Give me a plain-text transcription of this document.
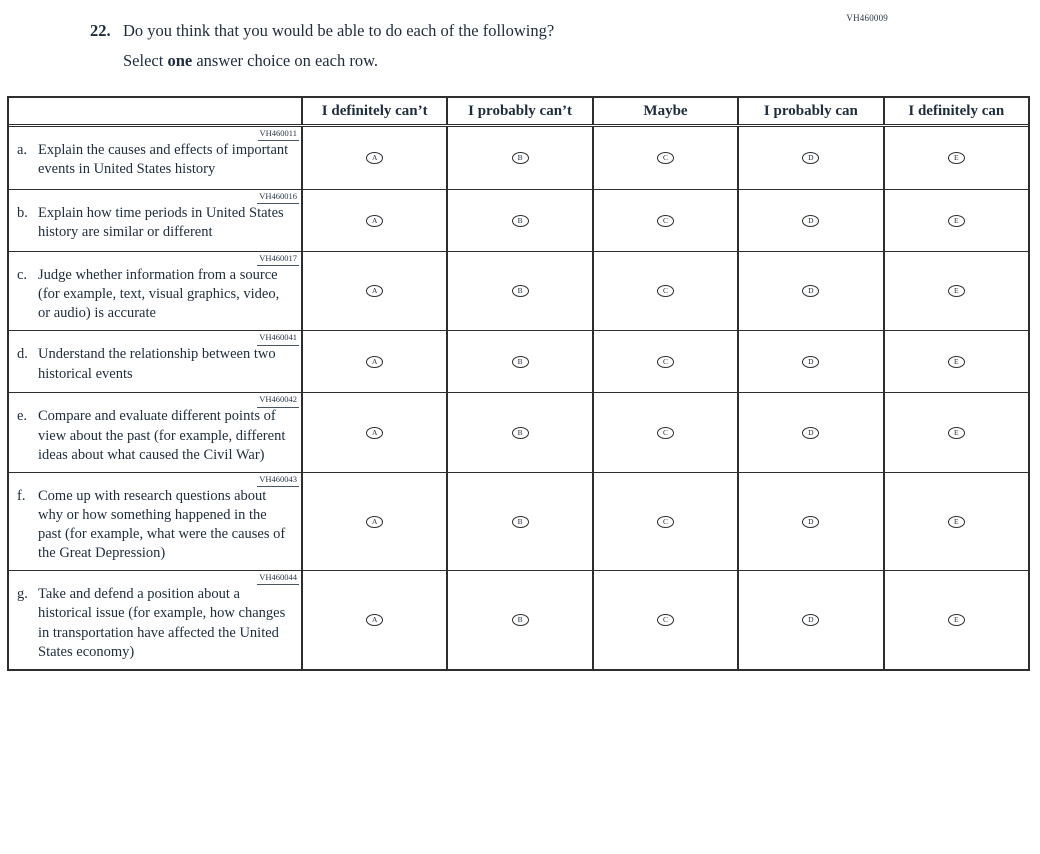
VH460009
22. Do you think that you would be able to do each of the following?
Select one answer choice on each row.
I definitely can’t	I probably can’t	Maybe	I probably can	I definitely can
VH460011
a. Explain the causes and effects of important events in United States history
A	B	C	D	E
VH460016
b. Explain how time periods in United States history are similar or different
A	B	C	D	E
VH460017
c. Judge whether information from a source (for example, text, visual graphics, video, or audio) is accurate
A	B	C	D	E
VH460041
d. Understand the relationship between two historical events
A	B	C	D	E
VH460042
e. Compare and evaluate different points of view about the past (for example, different ideas about what caused the Civil War)
A	B	C	D	E
VH460043
f. Come up with research questions about why or how something happened in the past (for example, what were the causes of the Great Depression)
A	B	C	D	E
VH460044
g. Take and defend a position about a historical issue (for example, how changes in transportation have affected the United States economy)
A	B	C	D	E
